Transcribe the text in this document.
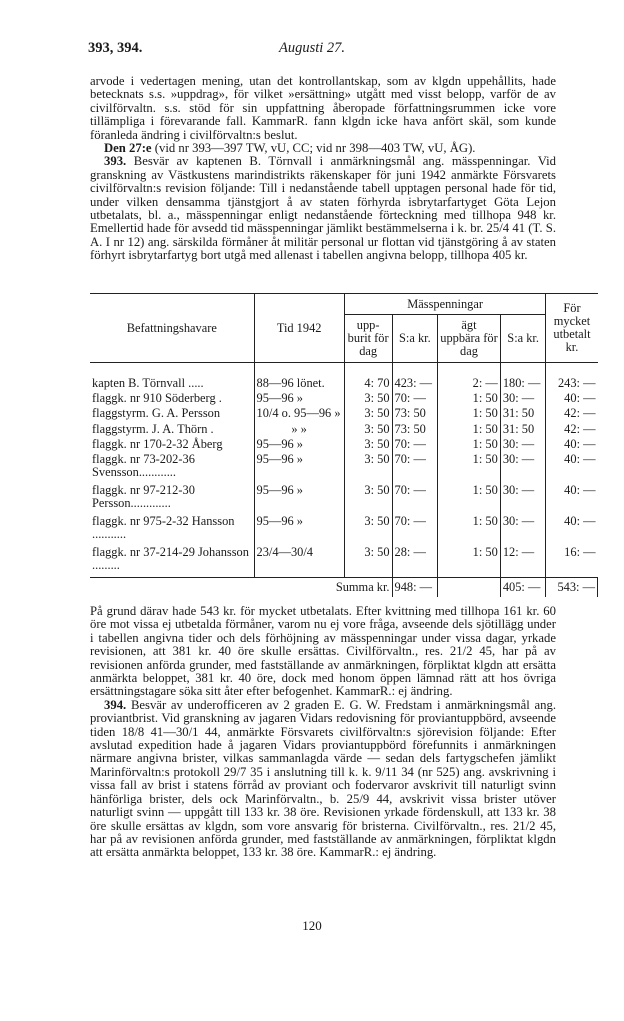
393, 394.	Augusti 27.

arvode i vedertagen mening, utan det kontrollantskap, som av klgdn uppehållits, hade betecknats s.s. »uppdrag», för vilket »ersättning» utgått med visst belopp, varför de av civilförvaltn. s.s. stöd för sin uppfattning åberopade författningsrummen icke vore tillämpliga i förevarande fall. KammarR. fann klgdn icke hava anfört skäl, som kunde föranleda ändring i civilförvaltn:s beslut.

Den 27:e (vid nr 393—397 TW, vU, CC; vid nr 398—403 TW, vU, ÅG).

393. Besvär av kaptenen B. Törnvall i anmärkningsmål ang. mässpenningar. Vid granskning av Västkustens marindistrikts räkenskaper för juni 1942 anmärkte Försvarets civilförvaltn:s revision följande: Till i nedanstående tabell upptagen personal hade för tid, under vilken densamma tjänstgjort å av staten förhyrda isbrytarfartyget Göta Lejon utbetalats, bl. a., mässpenningar enligt nedanstående förteckning med tillhopa 948 kr. Emellertid hade för avsedd tid mässpenningar jämlikt bestämmelserna i k. br. 25/4 41 (T. S. A. I nr 12) ang. särskilda förmåner åt militär personal ur flottan vid tjänstgöring å av staten förhyrt isbrytarfartyg bort utgå med allenast i tabellen angivna belopp, tillhopa 405 kr.

Befattningshavare	Tid 1942	Mässpenningar				För mycket utbetalt kr.
		upp- burit för dag	S:a kr.	ägt uppbära för dag	S:a kr.	

kapten B. Törnvall .....	88—96 lönet.	4: 70	423: —	2: —	180: —	243: —
flaggk. nr 910 Söderberg .	95—96 »	3: 50	70: —	1: 50	30: —	40: —
flaggstyrm. G. A. Persson	10/4 o. 95—96 »	3: 50	73: 50	1: 50	31: 50	42: —
flaggstyrm. J. A. Thörn .	» »	3: 50	73: 50	1: 50	31: 50	42: —
flaggk. nr 170-2-32 Åberg	95—96 »	3: 50	70: —	1: 50	30: —	40: —
flaggk. nr 73-202-36 Svensson............	95—96 »	3: 50	70: —	1: 50	30: —	40: —
flaggk. nr 97-212-30 Persson.............	95—96 »	3: 50	70: —	1: 50	30: —	40: —
flaggk. nr 975-2-32 Hansson ...........	95—96 »	3: 50	70: —	1: 50	30: —	40: —
flaggk. nr 37-214-29 Johansson .........	23/4—30/4	3: 50	28: —	1: 50	12: —	16: —
Summa kr.			948: —		405: —	543: —

På grund därav hade 543 kr. för mycket utbetalats. Efter kvittning med tillhopa 161 kr. 60 öre mot vissa ej utbetalda förmåner, varom nu ej vore fråga, avseende dels sjötillägg under i tabellen angivna tider och dels förhöjning av mässpenningar under vissa dagar, yrkade revisionen, att 381 kr. 40 öre skulle ersättas. Civilförvaltn., res. 21/2 45, har på av revisionen anförda grunder, med fastställande av anmärkningen, förpliktat klgdn att ersätta anmärkta beloppet, 381 kr. 40 öre, dock med honom öppen lämnad rätt att hos övriga ersättningstagare söka sitt åter efter befogenhet. KammarR.: ej ändring.

394. Besvär av underofficeren av 2 graden E. G. W. Fredstam i anmärkningsmål ang. proviantbrist. Vid granskning av jagaren Vidars redovisning för proviantuppbörd, avseende tiden 18/8 41—30/1 44, anmärkte Försvarets civilförvaltn:s sjörevision följande: Efter avslutad expedition hade å jagaren Vidars proviantuppbörd förefunnits i anmärkningen närmare angivna brister, vilkas sammanlagda värde — sedan dels fartygschefen jämlikt Marinförvaltn:s protokoll 29/7 35 i anslutning till k. k. 9/11 34 (nr 525) ang. avskrivning i vissa fall av brist i statens förråd av proviant och fodervaror avskrivit till naturligt svinn hänförliga brister, dels ock Marinförvaltn., b. 25/9 44, avskrivit vissa brister utöver naturligt svinn — uppgått till 133 kr. 38 öre. Revisionen yrkade fördenskull, att 133 kr. 38 öre skulle ersättas av klgdn, som vore ansvarig för bristerna. Civilförvaltn., res. 21/2 45, har på av revisionen anförda grunder, med fastställande av anmärkningen, förpliktat klgdn att ersätta anmärkta beloppet, 133 kr. 38 öre. KammarR.: ej ändring.

120
